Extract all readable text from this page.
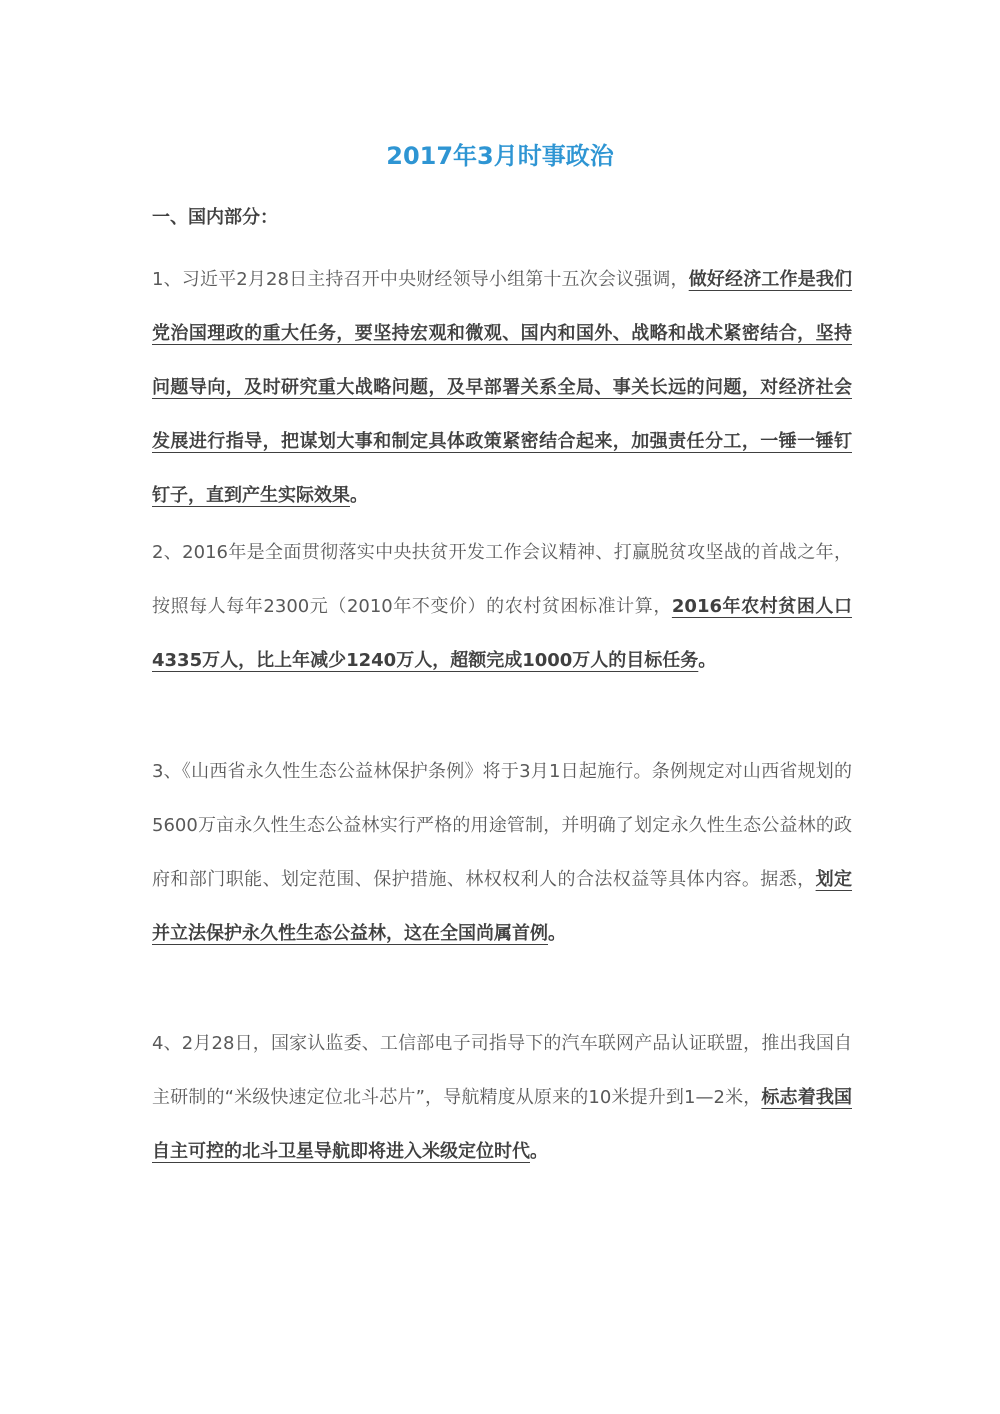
2017年3月时事政治
一、国内部分：

1、习近平2月28日主持召开中央财经领导小组第十五次会议强调，做好经济工作是我们党治国理政的重大任务，要坚持宏观和微观、国内和国外、战略和战术紧密结合，坚持问题导向，及时研究重大战略问题，及早部署关系全局、事关长远的问题，对经济社会发展进行指导，把谋划大事和制定具体政策紧密结合起来，加强责任分工，一锤一锤钉钉子，直到产生实际效果。

2、2016年是全面贯彻落实中央扶贫开发工作会议精神、打赢脱贫攻坚战的首战之年，按照每人每年2300元（2010年不变价）的农村贫困标准计算，2016年农村贫困人口4335万人，比上年减少1240万人，超额完成1000万人的目标任务。

3、《山西省永久性生态公益林保护条例》将于3月1日起施行。条例规定对山西省规划的5600万亩永久性生态公益林实行严格的用途管制，并明确了划定永久性生态公益林的政府和部门职能、划定范围、保护措施、林权权利人的合法权益等具体内容。据悉，划定并立法保护永久性生态公益林，这在全国尚属首例。

4、2月28日，国家认监委、工信部电子司指导下的汽车联网产品认证联盟，推出我国自主研制的“米级快速定位北斗芯片”，导航精度从原来的10米提升到1—2米，标志着我国自主可控的北斗卫星导航即将进入米级定位时代。
